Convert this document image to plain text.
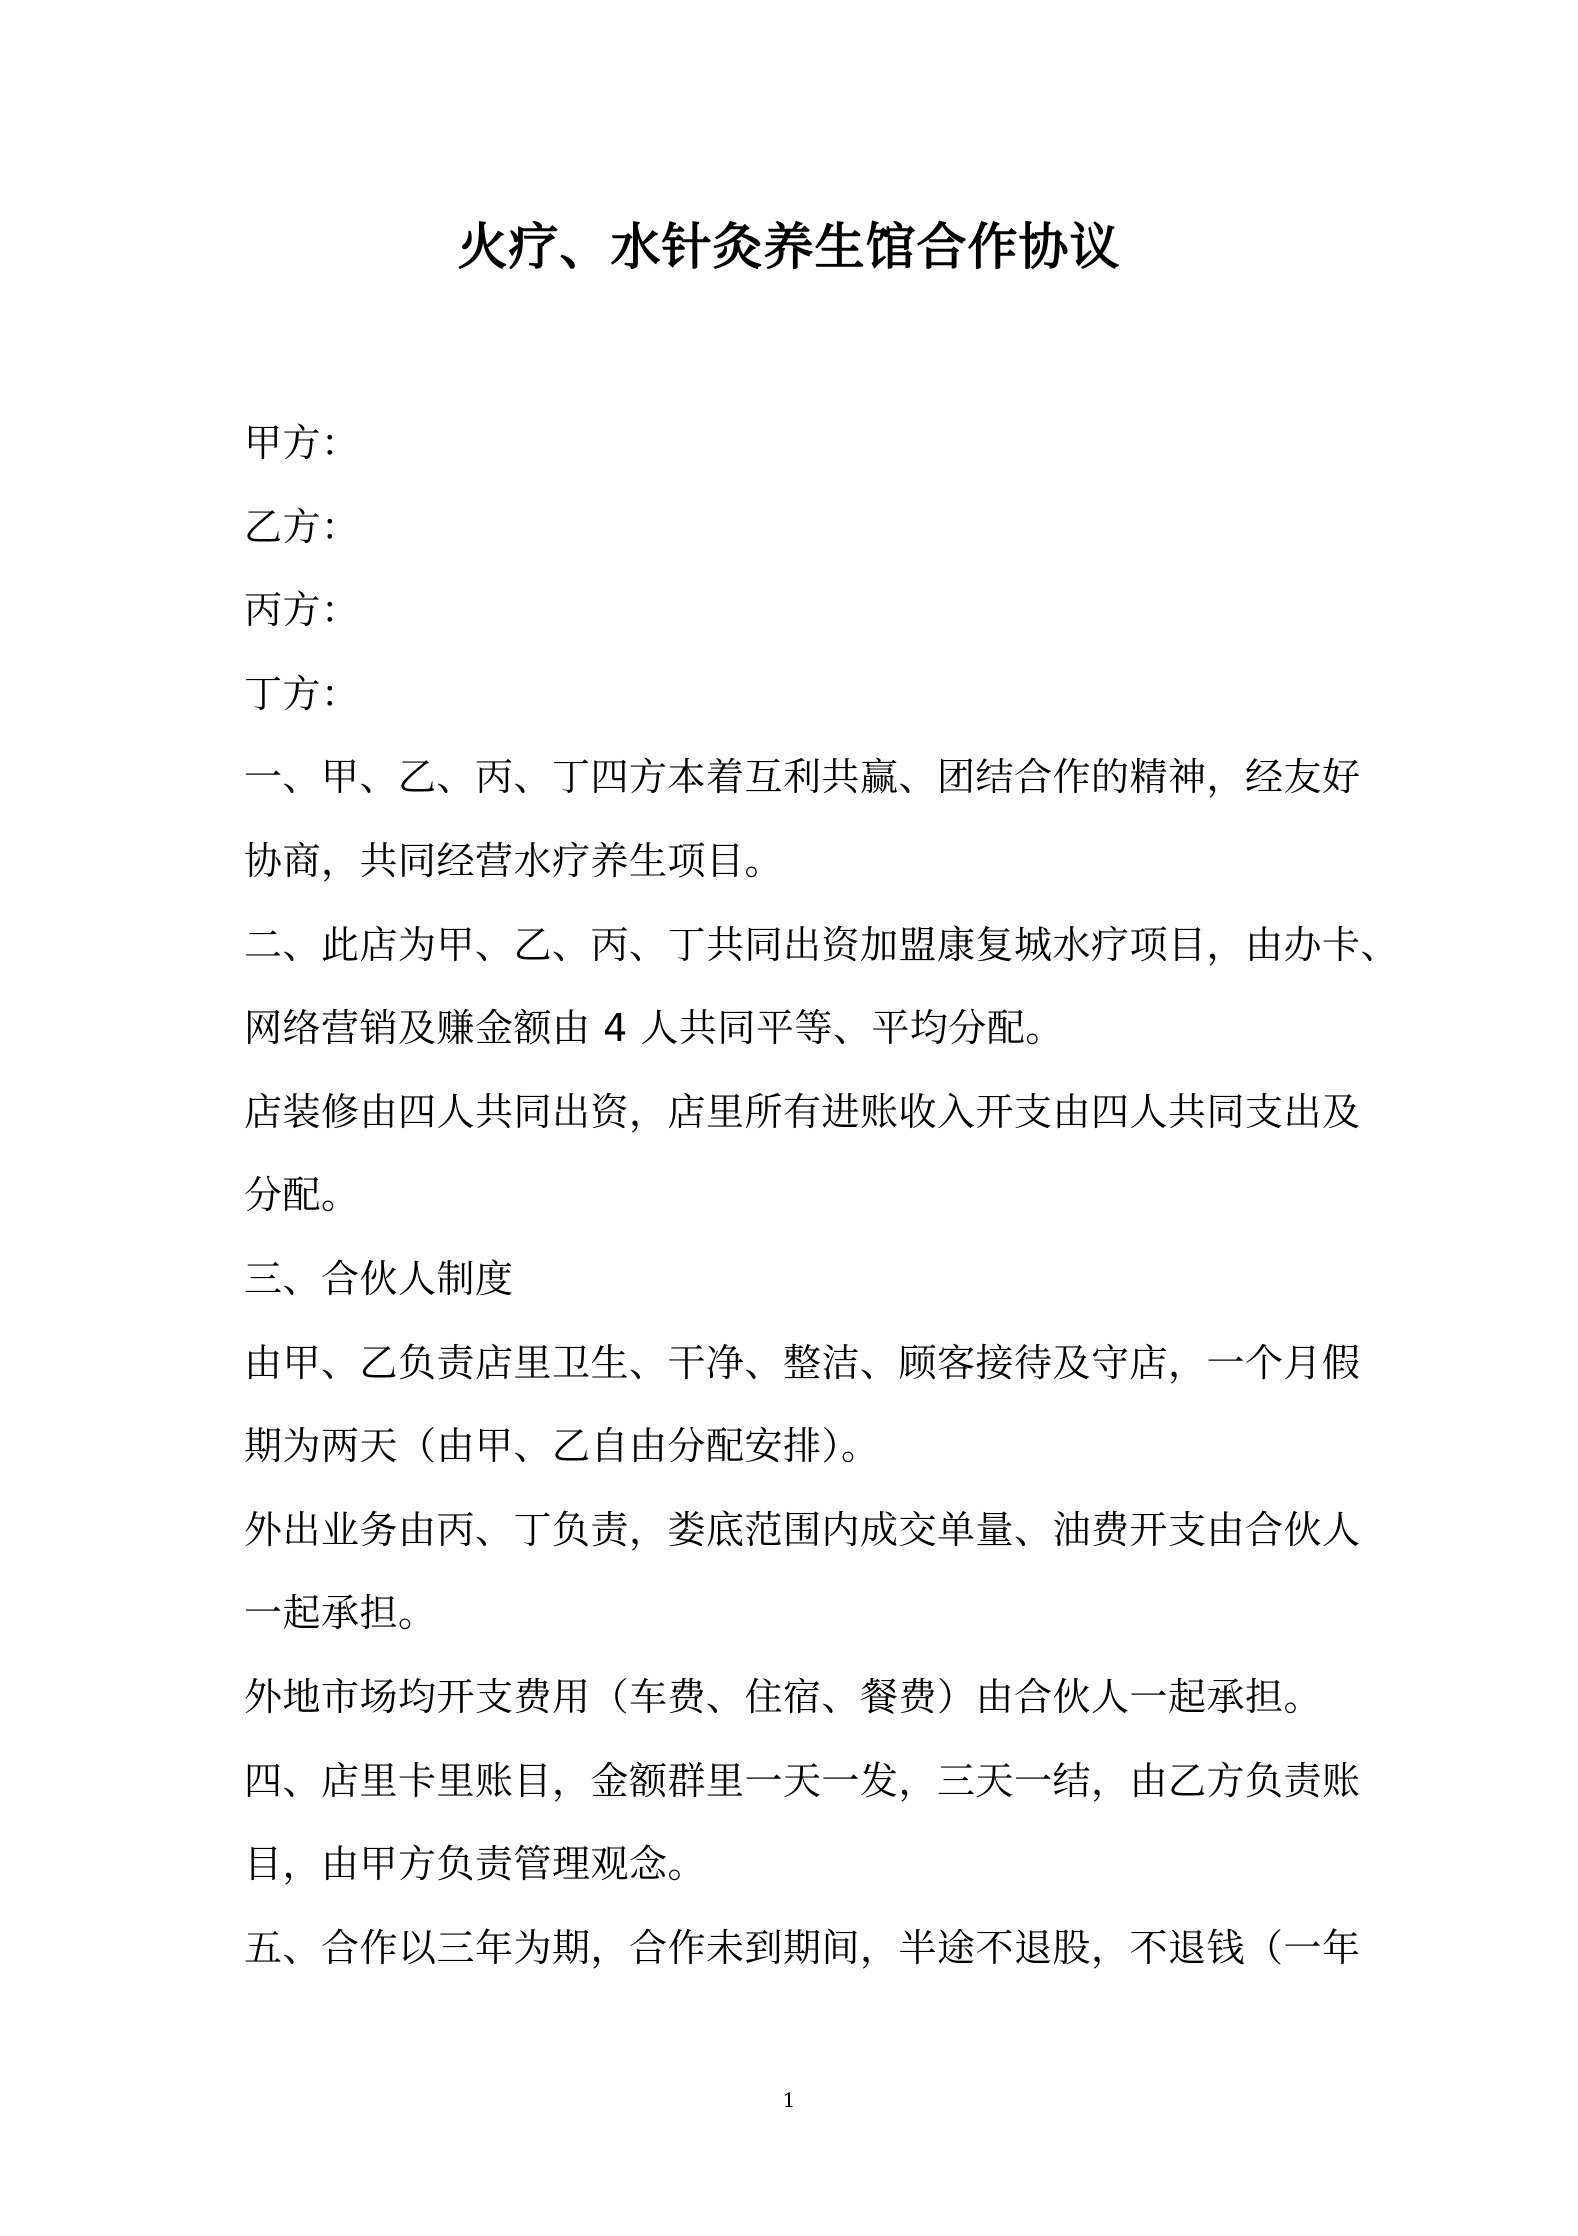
火疗、水针灸养生馆合作协议
甲方：
乙方：
丙方：
丁方：
一、甲、乙、丙、丁四方本着互利共赢、团结合作的精神，经友好
协商，共同经营水疗养生项目。
二、此店为甲、乙、丙、丁共同出资加盟康复城水疗项目，由办卡、
网络营销及赚金额由 4 人共同平等、平均分配。
店装修由四人共同出资，店里所有进账收入开支由四人共同支出及
分配。
三、合伙人制度
由甲、乙负责店里卫生、干净、整洁、顾客接待及守店，一个月假
期为两天（由甲、乙自由分配安排）。
外出业务由丙、丁负责，娄底范围内成交单量、油费开支由合伙人
一起承担。
外地市场均开支费用（车费、住宿、餐费）由合伙人一起承担。
四、店里卡里账目，金额群里一天一发，三天一结，由乙方负责账
目，由甲方负责管理观念。
五、合作以三年为期，合作未到期间，半途不退股，不退钱（一年
1
